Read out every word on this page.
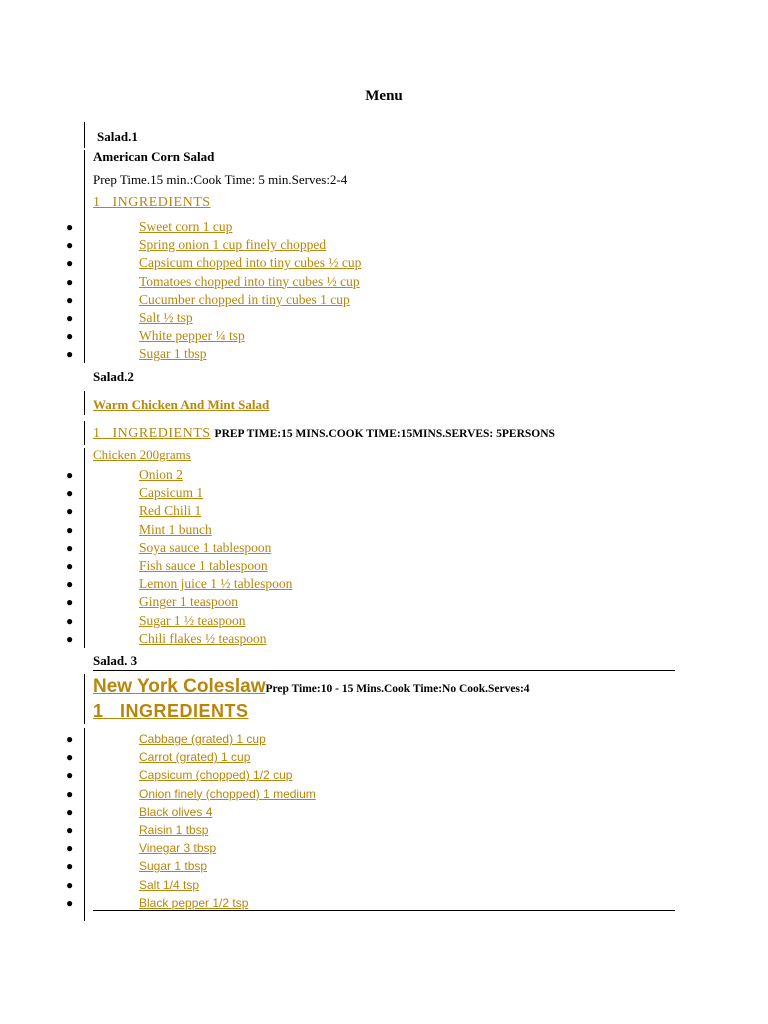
Menu
Salad.1
American Corn Salad
Prep Time.15 min.:Cook Time: 5 min.Serves:2-4
1   INGREDIENTS
●	Sweet corn 1 cup
●	Spring onion 1 cup finely chopped
●	Capsicum chopped into tiny cubes ½ cup
●	Tomatoes chopped into tiny cubes ½ cup
●	Cucumber chopped in tiny cubes 1 cup
●	Salt ½ tsp
●	White pepper ¼ tsp
●	Sugar 1 tbsp
Salad.2
Warm Chicken And Mint Salad
1   INGREDIENTS PREP TIME:15 MINS.COOK TIME:15MINS.SERVES: 5PERSONS
Chicken 200grams
●	Onion 2
●	Capsicum 1
●	Red Chili 1
●	Mint 1 bunch
●	Soya sauce 1 tablespoon
●	Fish sauce 1 tablespoon
●	Lemon juice 1 ½ tablespoon
●	Ginger 1 teaspoon
●	Sugar 1 ½ teaspoon
●	Chili flakes ½ teaspoon
Salad. 3
New York ColeslawPrep Time:10 - 15 Mins.Cook Time:No Cook.Serves:4
1   INGREDIENTS
●	Cabbage (grated) 1 cup
●	Carrot (grated) 1 cup
●	Capsicum (chopped) 1/2 cup
●	Onion finely (chopped) 1 medium
●	Black olives 4
●	Raisin 1 tbsp
●	Vinegar 3 tbsp
●	Sugar 1 tbsp
●	Salt 1/4 tsp
●	Black pepper 1/2 tsp
